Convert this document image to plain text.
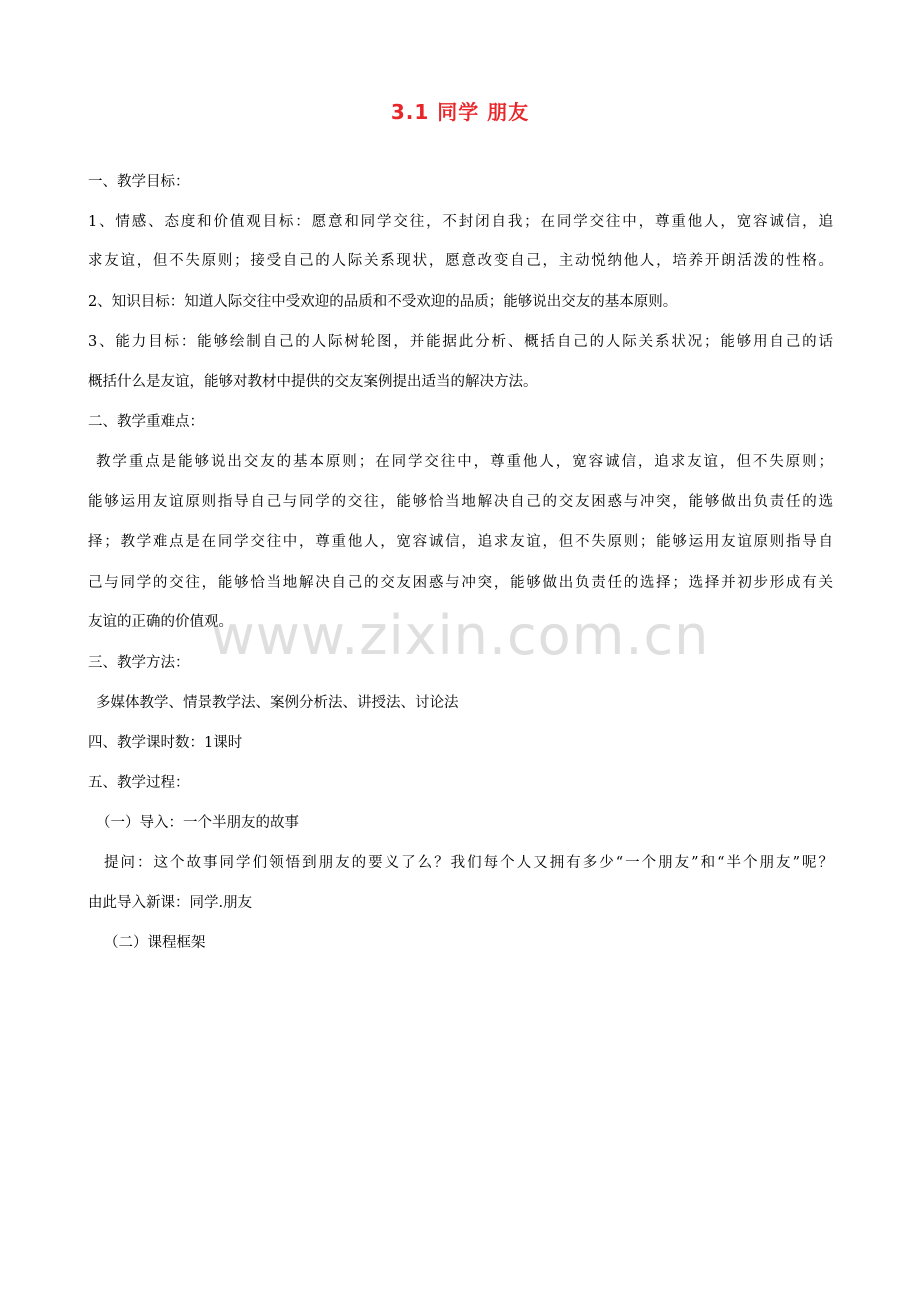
3.1 同学 朋友
一、教学目标：
1、情感、态度和价值观目标：愿意和同学交往，不封闭自我；在同学交往中，尊重他人，宽容诚信，追
求友谊，但不失原则；接受自己的人际关系现状，愿意改变自己，主动悦纳他人，培养开朗活泼的性格。
2、知识目标：知道人际交往中受欢迎的品质和不受欢迎的品质；能够说出交友的基本原则。
3、能力目标：能够绘制自己的人际树轮图，并能据此分析、概括自己的人际关系状况；能够用自己的话
概括什么是友谊，能够对教材中提供的交友案例提出适当的解决方法。
二、教学重难点：
教学重点是能够说出交友的基本原则；在同学交往中，尊重他人，宽容诚信，追求友谊，但不失原则；
能够运用友谊原则指导自己与同学的交往，能够恰当地解决自己的交友困惑与冲突，能够做出负责任的选
择；教学难点是在同学交往中，尊重他人，宽容诚信，追求友谊，但不失原则；能够运用友谊原则指导自
己与同学的交往，能够恰当地解决自己的交友困惑与冲突，能够做出负责任的选择；选择并初步形成有关
友谊的正确的价值观。
三、教学方法：
多媒体教学、情景教学法、案例分析法、讲授法、讨论法
四、教学课时数：1课时
五、教学过程：
（一）导入：一个半朋友的故事
提问：这个故事同学们领悟到朋友的要义了么？我们每个人又拥有多少“一个朋友”和“半个朋友”呢？
由此导入新课：同学.朋友
（二）课程框架
www.zixin.com.cn
